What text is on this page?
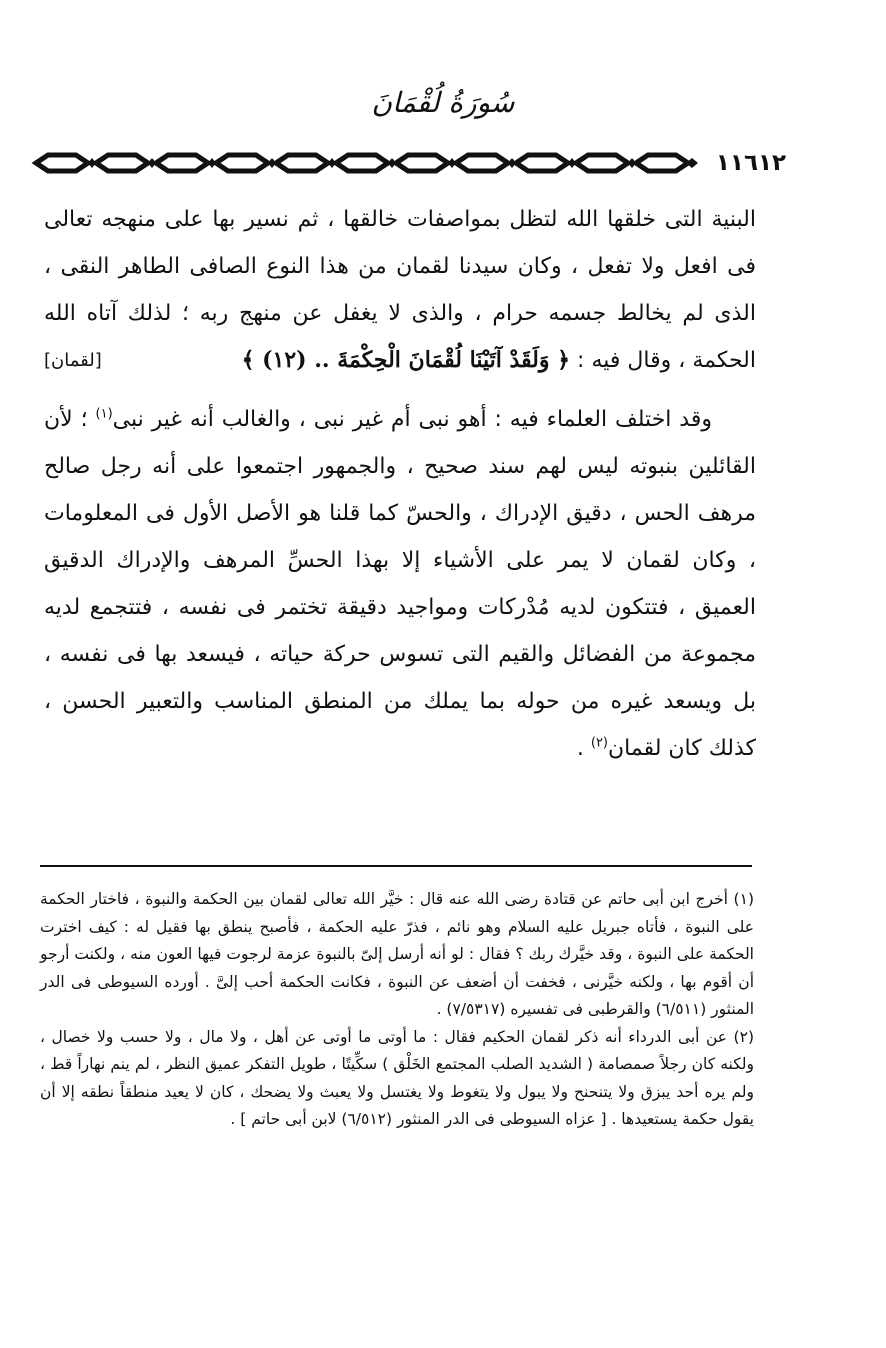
سُورَةُ لُقْمَانَ
١١٦١٢

البنية التى خلقها الله لتظل بمواصفات خالقها ، ثم نسير بها على منهجه تعالى فى افعل ولا تفعل ، وكان سيدنا لقمان من هذا النوع الصافى الطاهر النقى ، الذى لم يخالط جسمه حرام ، والذى لا يغفل عن منهج ربه ؛ لذلك آتاه الله الحكمة ، وقال فيه : ﴿ وَلَقَدْ آتَيْنَا لُقْمَانَ الْحِكْمَةَ .. (١٢) ﴾
[لقمان]

وقد اختلف العلماء فيه : أهو نبى أم غير نبى ، والغالب أنه غير نبى$^{(١)}$ ؛ لأن القائلين بنبوته ليس لهم سند صحيح ، والجمهور اجتمعوا على أنه رجل صالح مرهف الحس ، دقيق الإدراك ، والحسّ كما قلنا هو الأصل الأول فى المعلومات ، وكان لقمان لا يمر على الأشياء إلا بهذا الحسِّ المرهف والإدراك الدقيق العميق ، فتتكون لديه مُدْركات ومواجيد دقيقة تختمر فى نفسه ، فتتجمع لديه مجموعة من الفضائل والقيم التى تسوس حركة حياته ، فيسعد بها فى نفسه ، بل ويسعد غيره من حوله بما يملك من المنطق المناسب والتعبير الحسن ، كذلك كان لقمان$^{(٢)}$ .

(١) أخرج ابن أبى حاتم عن قتادة رضى الله عنه قال : خيَّر الله تعالى لقمان بين الحكمة والنبوة ، فاختار الحكمة على النبوة ، فأتاه جبريل عليه السلام وهو نائم ، فذرّ عليه الحكمة ، فأصبح ينطق بها فقيل له : كيف اخترت الحكمة على النبوة ، وقد خيَّرك ربك ؟ فقال : لو أنه أرسل إلىّ بالنبوة عزمة لرجوت فيها العون منه ، ولكنت أرجو أن أقوم بها ، ولكنه خيَّرنى ، فخفت أن أضعف عن النبوة ، فكانت الحكمة أحب إلىَّ . أورده السيوطى فى الدر المنثور (٦/٥١١) والقرطبى فى تفسيره (٧/٥٣١٧) .

(٢) عن أبى الدرداء أنه ذكر لقمان الحكيم فقال : ما أوتى ما أوتى عن أهل ، ولا مال ، ولا حسب ولا خصال ، ولكنه كان رجلاً صمصامة ( الشديد الصلب المجتمع الخَلْق ) سكِّيتًا ، طويل التفكر عميق النظر ، لم ينم نهاراً قط ، ولم يره أحد يبزق ولا يتنحنح ولا يبول ولا يتغوط ولا يغتسل ولا يعبث ولا يضحك ، كان لا يعيد منطقاً نطقه إلا أن يقول حكمة يستعيدها . [ عزاه السيوطى فى الدر المنثور (٦/٥١٢) لابن أبى حاتم ] .
